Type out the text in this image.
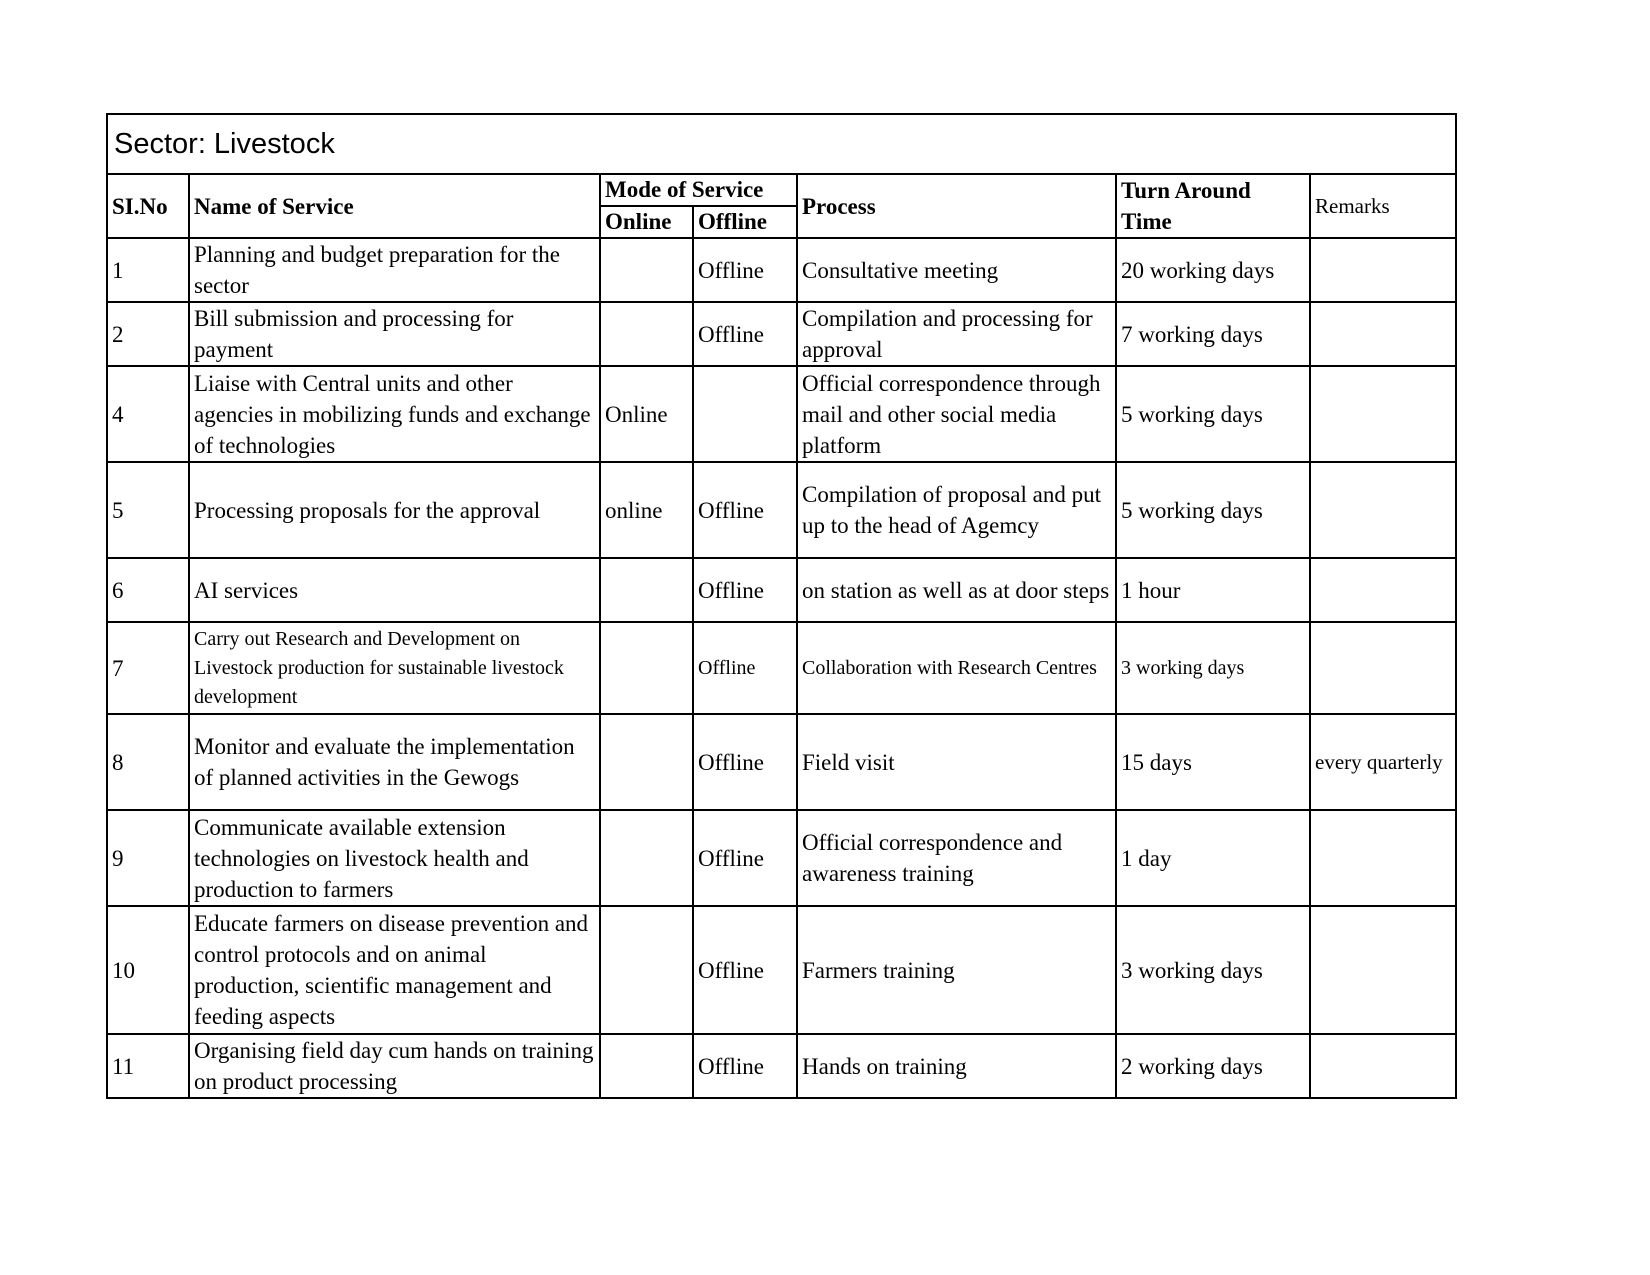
Sector: Livestock						
SI.No	Name of Service	Mode of Service		Process	Turn Around Time	Remarks
		Online	Offline			
1	Planning and budget preparation for the sector		Offline	Consultative meeting	20 working days	
2	Bill submission and processing for payment		Offline	Compilation and processing for approval	7 working days	
4	Liaise with Central units and other agencies in mobilizing funds and exchange of technologies	Online		Official correspondence through mail and other social media platform	5 working days	
5	Processing proposals for the approval	online	Offline	Compilation of proposal and put up to the head of Agemcy	5 working days	
6	AI services		Offline	on station as well as at door steps	1 hour	
7	Carry out Research and Development on Livestock production for sustainable livestock development		Offline	Collaboration with Research Centres	3 working days	
8	Monitor and evaluate the implementation of planned activities in the Gewogs		Offline	Field visit	15 days	every quarterly
9	Communicate available extension technologies on livestock health and production to farmers		Offline	Official correspondence and awareness training	1 day	
10	Educate farmers on disease prevention and control protocols and on animal production, scientific management and feeding aspects		Offline	Farmers training	3 working days	
11	Organising field day cum hands on training on product processing		Offline	Hands on training	2 working days	
